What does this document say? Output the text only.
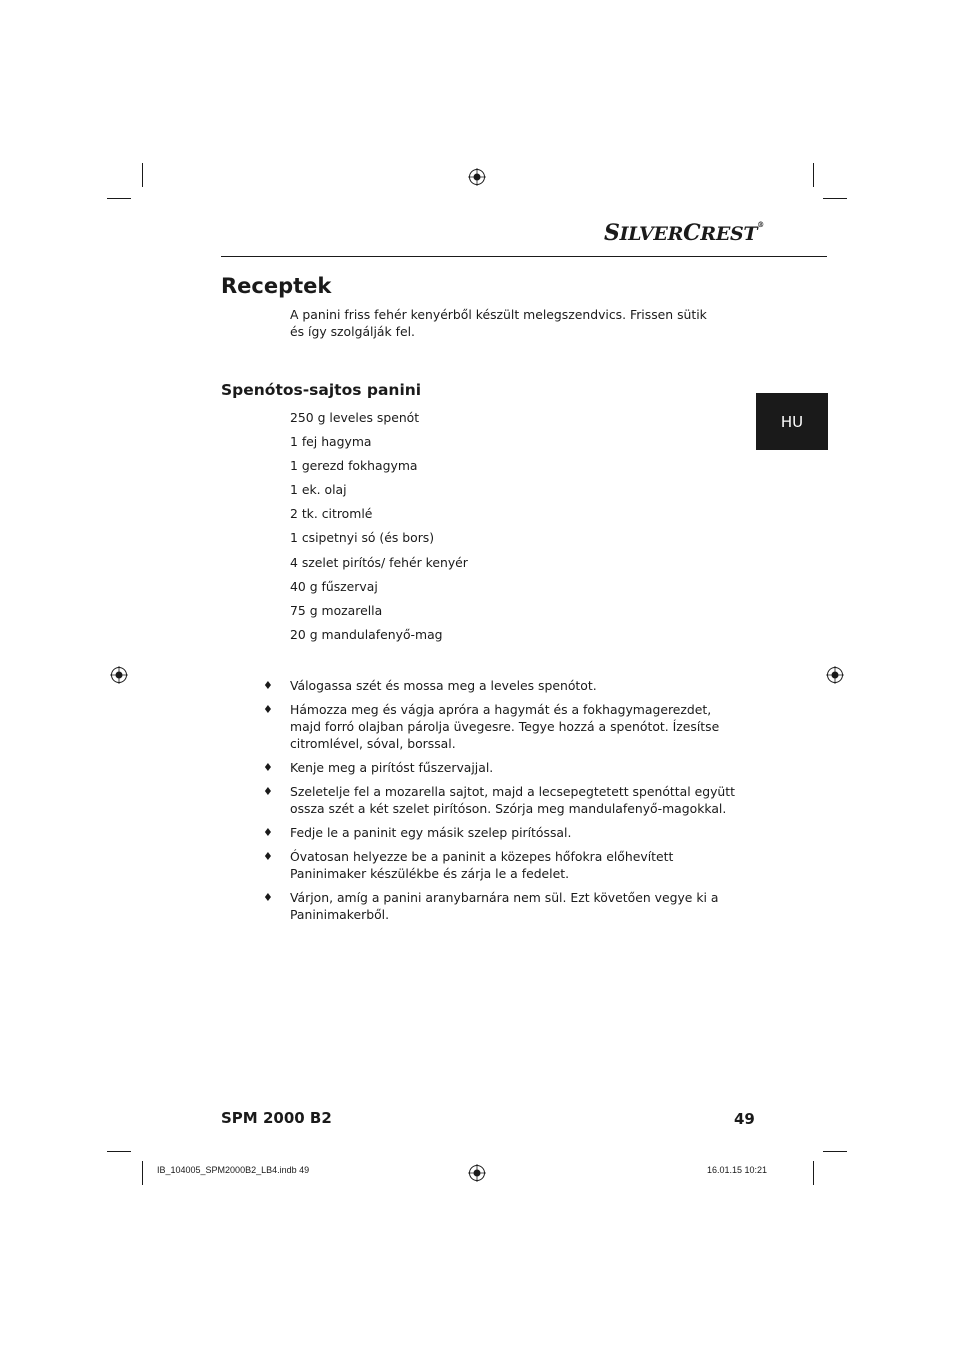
SILVERCREST®
HU
Receptek

A panini friss fehér kenyérből készült melegszendvics. Frissen sütik és így szolgálják fel.

Spenótos-sajtos panini
250 g leveles spenót
1 fej hagyma
1 gerezd fokhagyma
1 ek. olaj
2 tk. citromlé
1 csipetnyi só (és bors)
4 szelet pirítós/ fehér kenyér
40 g fűszervaj
75 g mozarella
20 g mandulafenyő-mag
♦	Válogassa szét és mossa meg a leveles spenótot.
♦	Hámozza meg és vágja apróra a hagymát és a fokhagymagerezdet, majd forró olajban párolja üvegesre. Tegye hozzá a spenótot. Ízesítse citromlével, sóval, borssal.
♦	Kenje meg a pirítóst fűszervajjal.
♦	Szeletelje fel a mozarella sajtot, majd a lecsepegtetett spenóttal együtt ossza szét a két szelet pirítóson. Szórja meg mandulafenyő-magokkal.
♦	Fedje le a paninit egy másik szelep pirítóssal.
♦	Óvatosan helyezze be a paninit a közepes hőfokra előhevített Paninimaker készülékbe és zárja le a fedelet.
♦	Várjon, amíg a panini aranybarnára nem sül. Ezt követően vegye ki a Paninimakerből.
SPM 2000 B2	49
IB_104005_SPM2000B2_LB4.indb 49	16.01.15 10:21
